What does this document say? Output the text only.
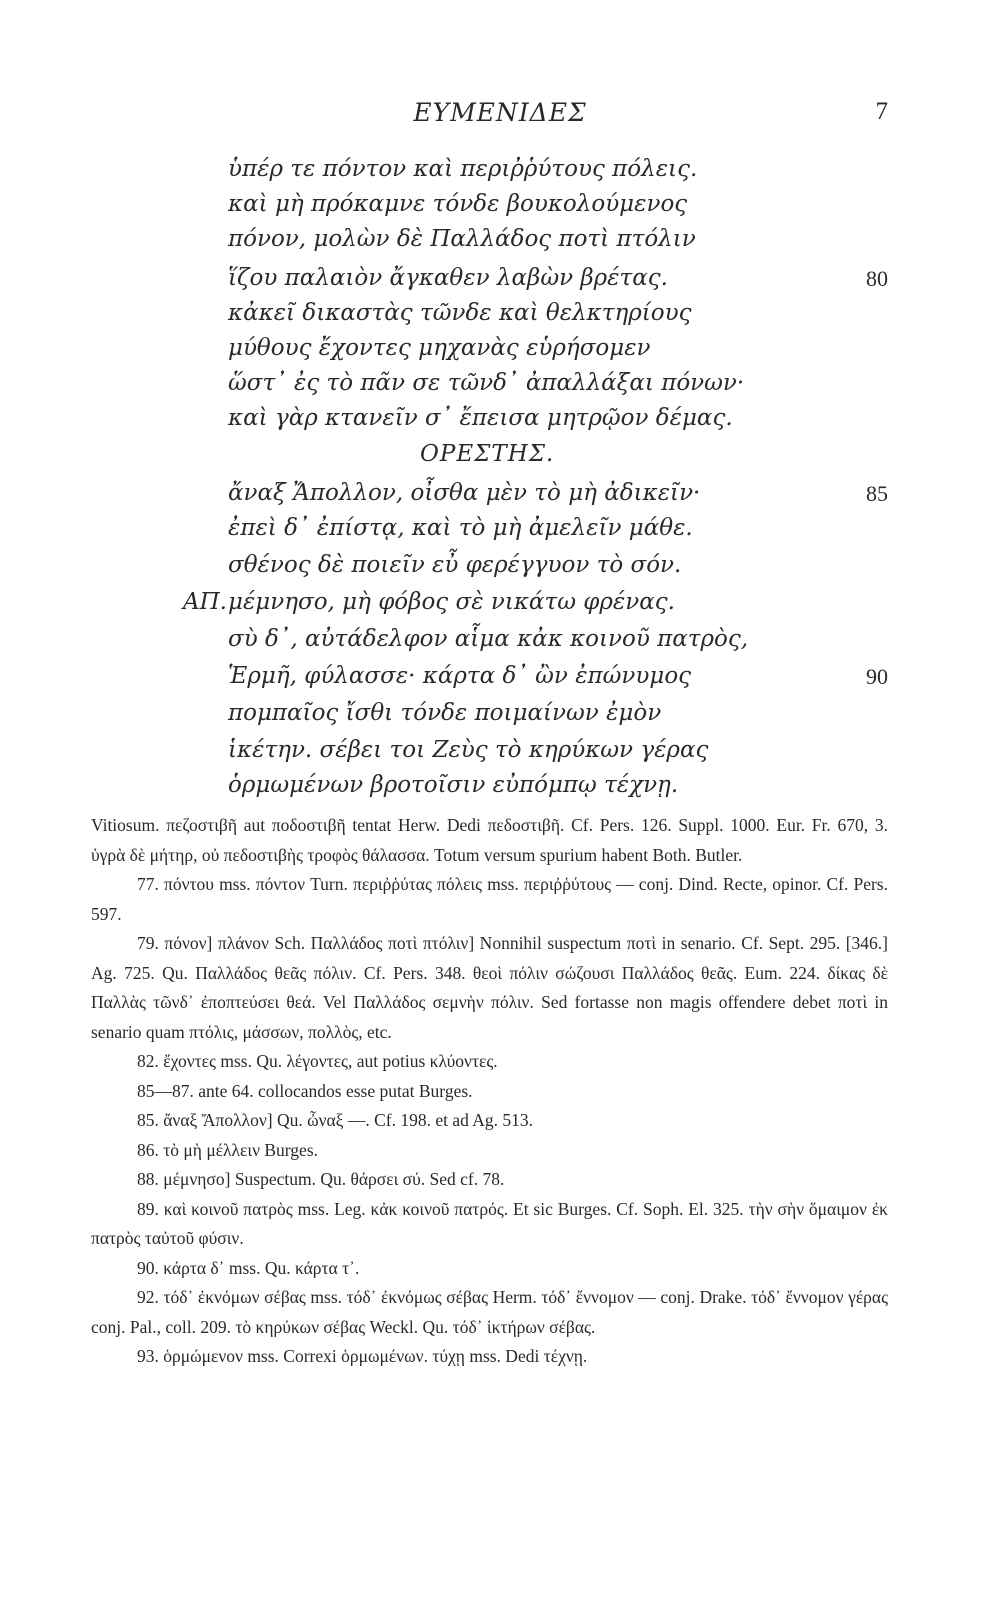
ΕΥΜΕΝΙΔΕΣ	7
ὑπέρ τε πόντον καὶ περιῤῥύτους πόλεις.
καὶ μὴ πρόκαμνε τόνδε βουκολούμενος
πόνον, μολὼν δὲ Παλλάδος ποτὶ πτόλιν
ἵζου παλαιὸν ἄγκαθεν λαβὼν βρέτας.	80
κἀκεῖ δικαστὰς τῶνδε καὶ θελκτηρίους
μύθους ἔχοντες μηχανὰς εὑρήσομεν
ὥστ᾽ ἐς τὸ πᾶν σε τῶνδ᾽ ἀπαλλάξαι πόνων·
καὶ γὰρ κτανεῖν σ᾽ ἔπεισα μητρῷον δέμας.
ΟΡΕΣΤΗΣ.
ἄναξ Ἄπολλον, οἶσθα μὲν τὸ μὴ ἀδικεῖν·	85
ἐπεὶ δ᾽ ἐπίστᾳ, καὶ τὸ μὴ ἀμελεῖν μάθε.
σθένος δὲ ποιεῖν εὖ φερέγγυον τὸ σόν.
ΑΠ. μέμνησο, μὴ φόβος σὲ νικάτω φρένας.
σὺ δ᾽, αὐτάδελφον αἷμα κἀκ κοινοῦ πατρὸς,
Ἑρμῆ, φύλασσε· κάρτα δ᾽ ὢν ἐπώνυμος	90
πομπαῖος ἴσθι τόνδε ποιμαίνων ἐμὸν
ἱκέτην. σέβει τοι Ζεὺς τὸ κηρύκων γέρας
ὁρμωμένων βροτοῖσιν εὐπόμπῳ τέχνῃ.

Vitiosum. πεζοστιβῆ aut ποδοστιβῆ tentat Herw. Dedi πεδοστιβῆ. Cf. Pers. 126. Suppl. 1000. Eur. Fr. 670, 3. ὑγρὰ δὲ μήτηρ, οὐ πεδοστιβὴς τροφὸς θάλασσα. Totum versum spurium habent Both. Butler.

77. πόντου mss. πόντον Turn. περιῤῥύτας πόλεις mss. περιῤῥύτους — conj. Dind. Recte, opinor. Cf. Pers. 597.

79. πόνον] πλάνον Sch. Παλλάδος ποτὶ πτόλιν] Nonnihil suspectum ποτὶ in senario. Cf. Sept. 295. [346.] Ag. 725. Qu. Παλλάδος θεᾶς πόλιν. Cf. Pers. 348. θεοὶ πόλιν σώζουσι Παλλάδος θεᾶς. Eum. 224. δίκας δὲ Παλλὰς τῶνδ᾽ ἐποπτεύσει θεά. Vel Παλλάδος σεμνὴν πόλιν. Sed fortasse non magis offendere debet ποτὶ in senario quam πτόλις, μάσσων, πολλὸς, etc.

82. ἔχοντες mss. Qu. λέγοντες, aut potius κλύοντες.

85—87. ante 64. collocandos esse putat Burges.

85. ἄναξ Ἄπολλον] Qu. ὦναξ —. Cf. 198. et ad Ag. 513.

86. τὸ μὴ μέλλειν Burges.

88. μέμνησο] Suspectum. Qu. θάρσει σύ. Sed cf. 78.

89. καὶ κοινοῦ πατρὸς mss. Leg. κἀκ κοινοῦ πατρός. Et sic Burges. Cf. Soph. El. 325. τὴν σὴν ὅμαιμον ἐκ πατρὸς ταὐτοῦ φύσιν.

90. κάρτα δ᾽ mss. Qu. κάρτα τ᾽.

92. τόδ᾽ ἐκνόμων σέβας mss. τόδ᾽ ἐκνόμως σέβας Herm. τόδ᾽ ἔννομον — conj. Drake. τόδ᾽ ἔννομον γέρας conj. Pal., coll. 209. τὸ κηρύκων σέβας Weckl. Qu. τόδ᾽ ἱκτήρων σέβας.

93. ὁρμώμενον mss. Correxi ὁρμωμένων. τύχῃ mss. Dedi τέχνῃ.
